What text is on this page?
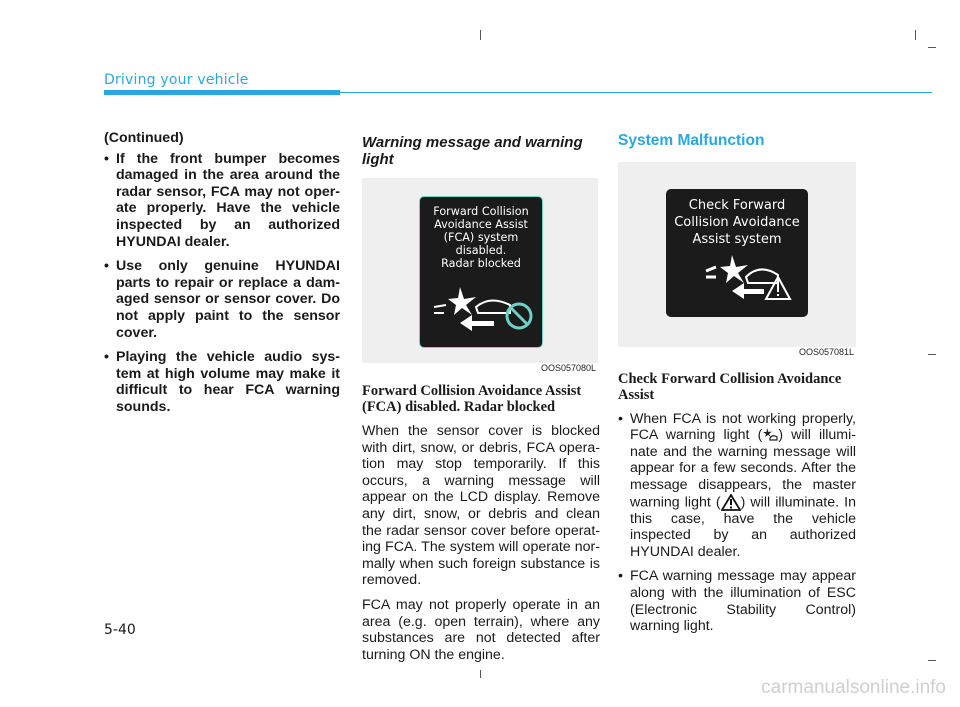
Driving your vehicle

(Continued)

• If the front bumper becomes damaged in the area around the radar sensor, FCA may not oper- ate properly. Have the vehicle inspected by an authorized HYUNDAI dealer.
• Use only genuine HYUNDAI parts to repair or replace a dam- aged sensor or sensor cover. Do not apply paint to the sensor cover.
• Playing the vehicle audio sys- tem at high volume may make it difficult to hear FCA warning sounds.
Warning message and warning light
Forward Collision
Avoidance Assist
(FCA) system
disabled.
Radar blocked
OOS057080L
Forward Collision Avoidance Assist (FCA) disabled. Radar blocked

When the sensor cover is blocked with dirt, snow, or debris, FCA opera- tion may stop temporarily. If this occurs, a warning message will appear on the LCD display. Remove any dirt, snow, or debris and clean the radar sensor cover before operat- ing FCA. The system will operate nor- mally when such foreign substance is removed.

FCA may not properly operate in an area (e.g. open terrain), where any substances are not detected after turning ON the engine.

System Malfunction
Check Forward
Collision Avoidance
Assist system
OOS057081L
Check Forward Collision Avoidance Assist
• When FCA is not working properly, FCA warning light ( ) will illumi- nate and the warning message will appear for a few seconds. After the message disappears, the master warning light ( ) will illuminate. In this case, have the vehicle inspected by an authorized HYUNDAI dealer.
• FCA warning message may appear along with the illumination of ESC (Electronic Stability Control) warning light.
5-40
carmanualsonline.info
